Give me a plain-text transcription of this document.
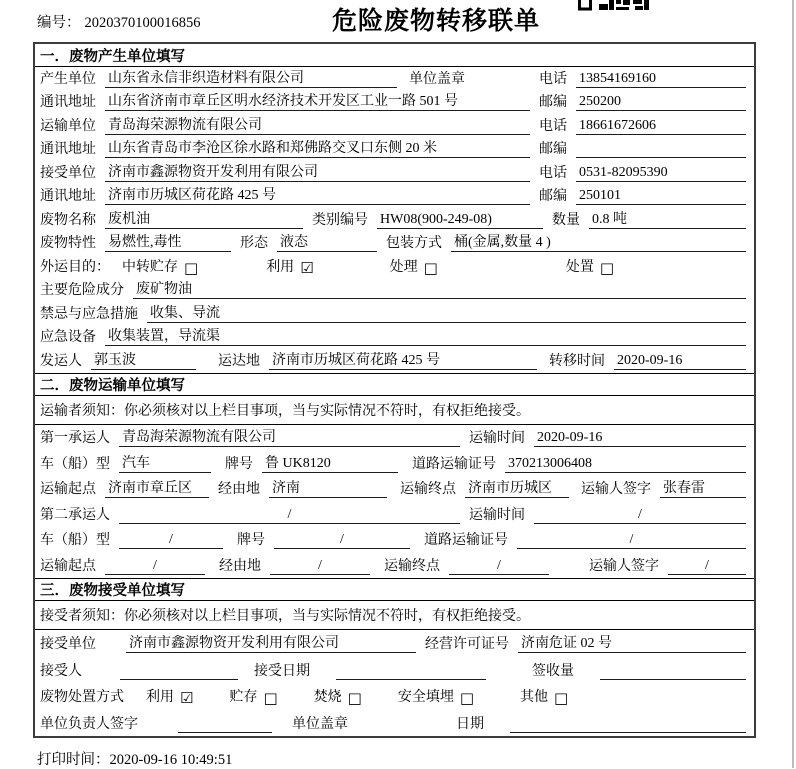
编号： 2020370100016856	危险废物转移联单
一．废物产生单位填写
产生单位 山东省永信非织造材料有限公司	单位盖章	电话 13854169160
通讯地址 山东省济南市章丘区明水经济技术开发区工业一路 501 号	邮编 250200
运输单位 青岛海荣源物流有限公司	电话 18661672606
通讯地址 山东省青岛市李沧区徐水路和郑佛路交叉口东侧 20 米	邮编
接受单位 济南市鑫源物资开发利用有限公司	电话 0531-82095390
通讯地址 济南市历城区荷花路 425 号	邮编 250101
废物名称 废机油	类别编号 HW08(900-249-08)	数量 0.8 吨
废物特性 易燃性,毒性	形态 液态	包装方式 桶(金属,数量 4 )
外运目的： 中转贮存 □	利用 ☑	处理 □	处置 □
主要危险成分 废矿物油
禁忌与应急措施 收集、导流
应急设备 收集装置，导流渠
发运人 郭玉波	运达地 济南市历城区荷花路 425 号	转移时间 2020-09-16
二．废物运输单位填写
运输者须知： 你必须核对以上栏目事项，当与实际情况不符时，有权拒绝接受。
第一承运人 青岛海荣源物流有限公司	运输时间 2020-09-16
车（船）型 汽车	牌号 鲁 UK8120	道路运输证号 370213006408
运输起点 济南市章丘区	经由地 济南	运输终点 济南市历城区	运输人签字 张春雷
第二承运人	/	运输时间	/
车（船）型	/	牌号	/	道路运输证号	/
运输起点	/	经由地	/	运输终点	/	运输人签字	/
三．废物接受单位填写
接受者须知： 你必须核对以上栏目事项，当与实际情况不符时，有权拒绝接受。
接受单位 济南市鑫源物资开发利用有限公司	经营许可证号 济南危证 02 号
接受人	接受日期	签收量
废物处置方式 利用 ☑	贮存 □	焚烧 □	安全填埋 □	其他 □
单位负责人签字	单位盖章	日期
打印时间：2020-09-16 10:49:51
